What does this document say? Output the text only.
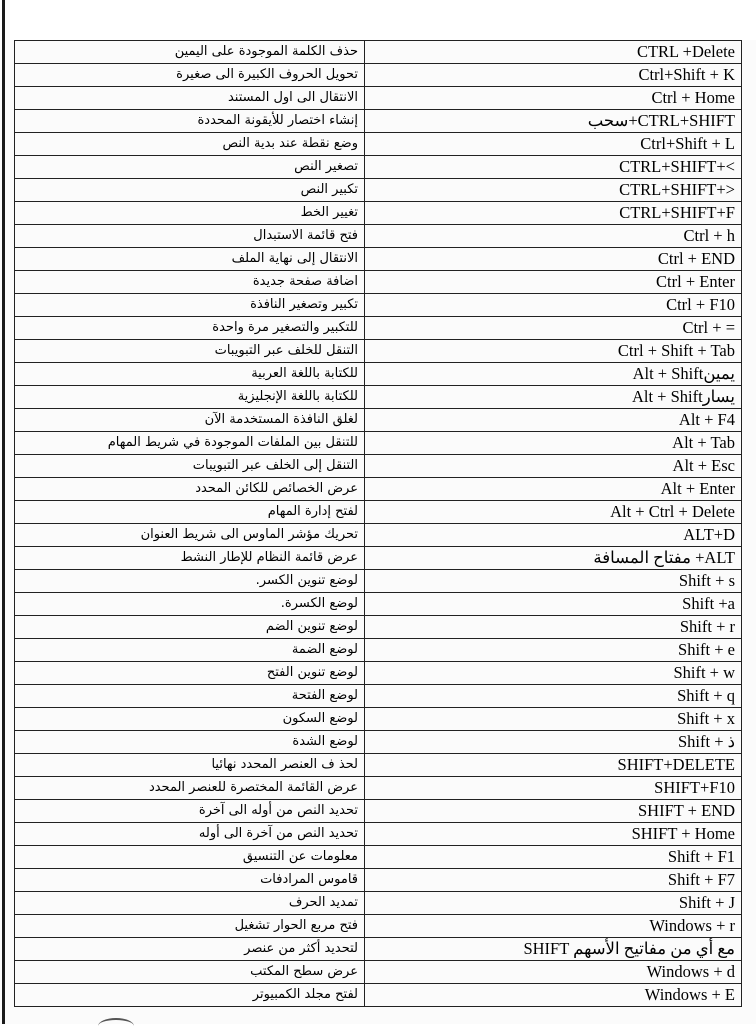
حذف الكلمة الموجودة على اليمين	CTRL +Delete
تحويل الحروف الكبيرة الى صغيرة	Ctrl+Shift + K
الانتقال الى اول المستند	Ctrl + Home
إنشاء اختصار للأيقونة المحددة	سحب+CTRL+SHIFT
وضع نقطة عند بدية النص	Ctrl+Shift + L
تصغير النص	CTRL+SHIFT+<
تكبير النص	CTRL+SHIFT+>
تغيير الخط	CTRL+SHIFT+F
فتح قائمة الاستبدال	Ctrl + h
الانتقال إلى نهاية الملف	Ctrl + END
اضافة صفحة جديدة	Ctrl + Enter
تكبير وتصغير النافذة	Ctrl + F10
للتكبير والتصغير مرة واحدة	Ctrl + =
التنقل للخلف عبر التبويبات	Ctrl + Shift + Tab
للكتابة باللغة العربية	Alt + Shiftيمين
للكتابة باللغة الإنجليزية	Alt + Shiftيسار
لغلق النافذة المستخدمة الآن	Alt + F4
للتنقل بين الملفات الموجودة في شريط المهام	Alt + Tab
التنقل إلى الخلف عبر التبويبات	Alt + Esc
عرض الخصائص للكائن المحدد	Alt + Enter
لفتح إدارة المهام	Alt + Ctrl + Delete
تحريك مؤشر الماوس الى شريط العنوان	ALT+D
عرض قائمة النظام للإطار النشط	مفتاح المسافة +ALT
لوضع تنوين الكسر.	Shift + s
لوضع الكسرة.	Shift +a
لوضع تنوين الضم	Shift + r
لوضع الضمة	Shift + e
لوضع تنوين الفتح	Shift + w
لوضع الفتحة	Shift + q
لوضع السكون	Shift + x
لوضع الشدة	Shift + ذ
لحذ ف العنصر المحدد نهائيا	SHIFT+DELETE
عرض القائمة المختصرة للعنصر المحدد	SHIFT+F10
تحديد النص من أوله الى آخرة	SHIFT + END
تحديد النص من آخرة الى أوله	SHIFT + Home
معلومات عن التنسيق	Shift + F1
قاموس المرادفات	Shift + F7
تمديد الحرف	Shift + J
فتح مربع الحوار تشغيل	Windows + r
لتحديد أكثر من عنصر	SHIFT مع أي من مفاتيح الأسهم
عرض سطح المكتب	Windows + d
لفتح مجلد الكمبيوتر	Windows + E
